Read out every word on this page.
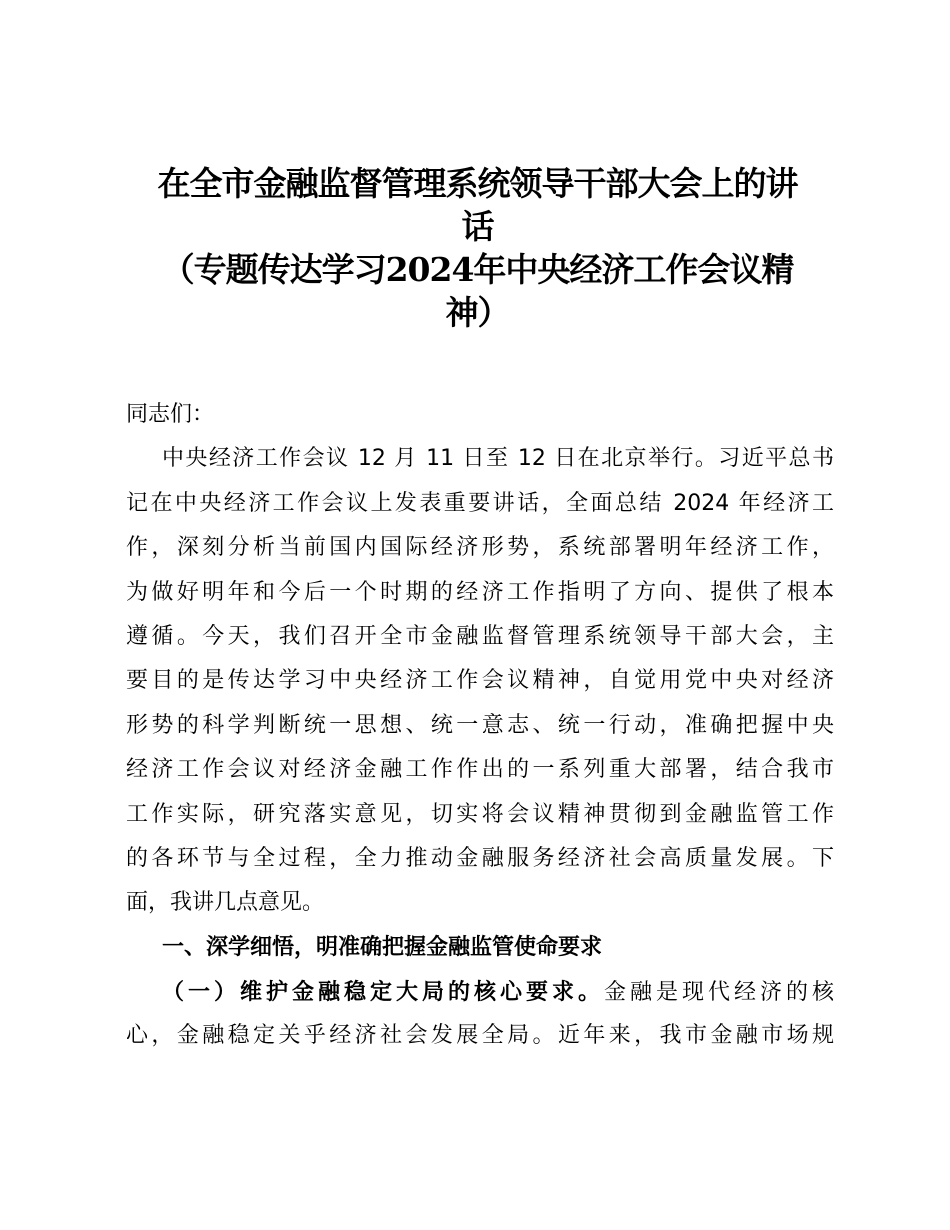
在全市金融监督管理系统领导干部大会上的讲
话
（专题传达学习2024年中央经济工作会议精
神）
同志们：
中央经济工作会议 12 月 11 日至 12 日在北京举行。习近平总书
记在中央经济工作会议上发表重要讲话，全面总结 2024 年经济工
作，深刻分析当前国内国际经济形势，系统部署明年经济工作，
为做好明年和今后一个时期的经济工作指明了方向、提供了根本
遵循。今天，我们召开全市金融监督管理系统领导干部大会，主
要目的是传达学习中央经济工作会议精神，自觉用党中央对经济
形势的科学判断统一思想、统一意志、统一行动，准确把握中央
经济工作会议对经济金融工作作出的一系列重大部署，结合我市
工作实际，研究落实意见，切实将会议精神贯彻到金融监管工作
的各环节与全过程，全力推动金融服务经济社会高质量发展。下
面，我讲几点意见。
一、深学细悟，明准确把握金融监管使命要求
（一）维护金融稳定大局的核心要求。金融是现代经济的核
心，金融稳定关乎经济社会发展全局。近年来，我市金融市场规
